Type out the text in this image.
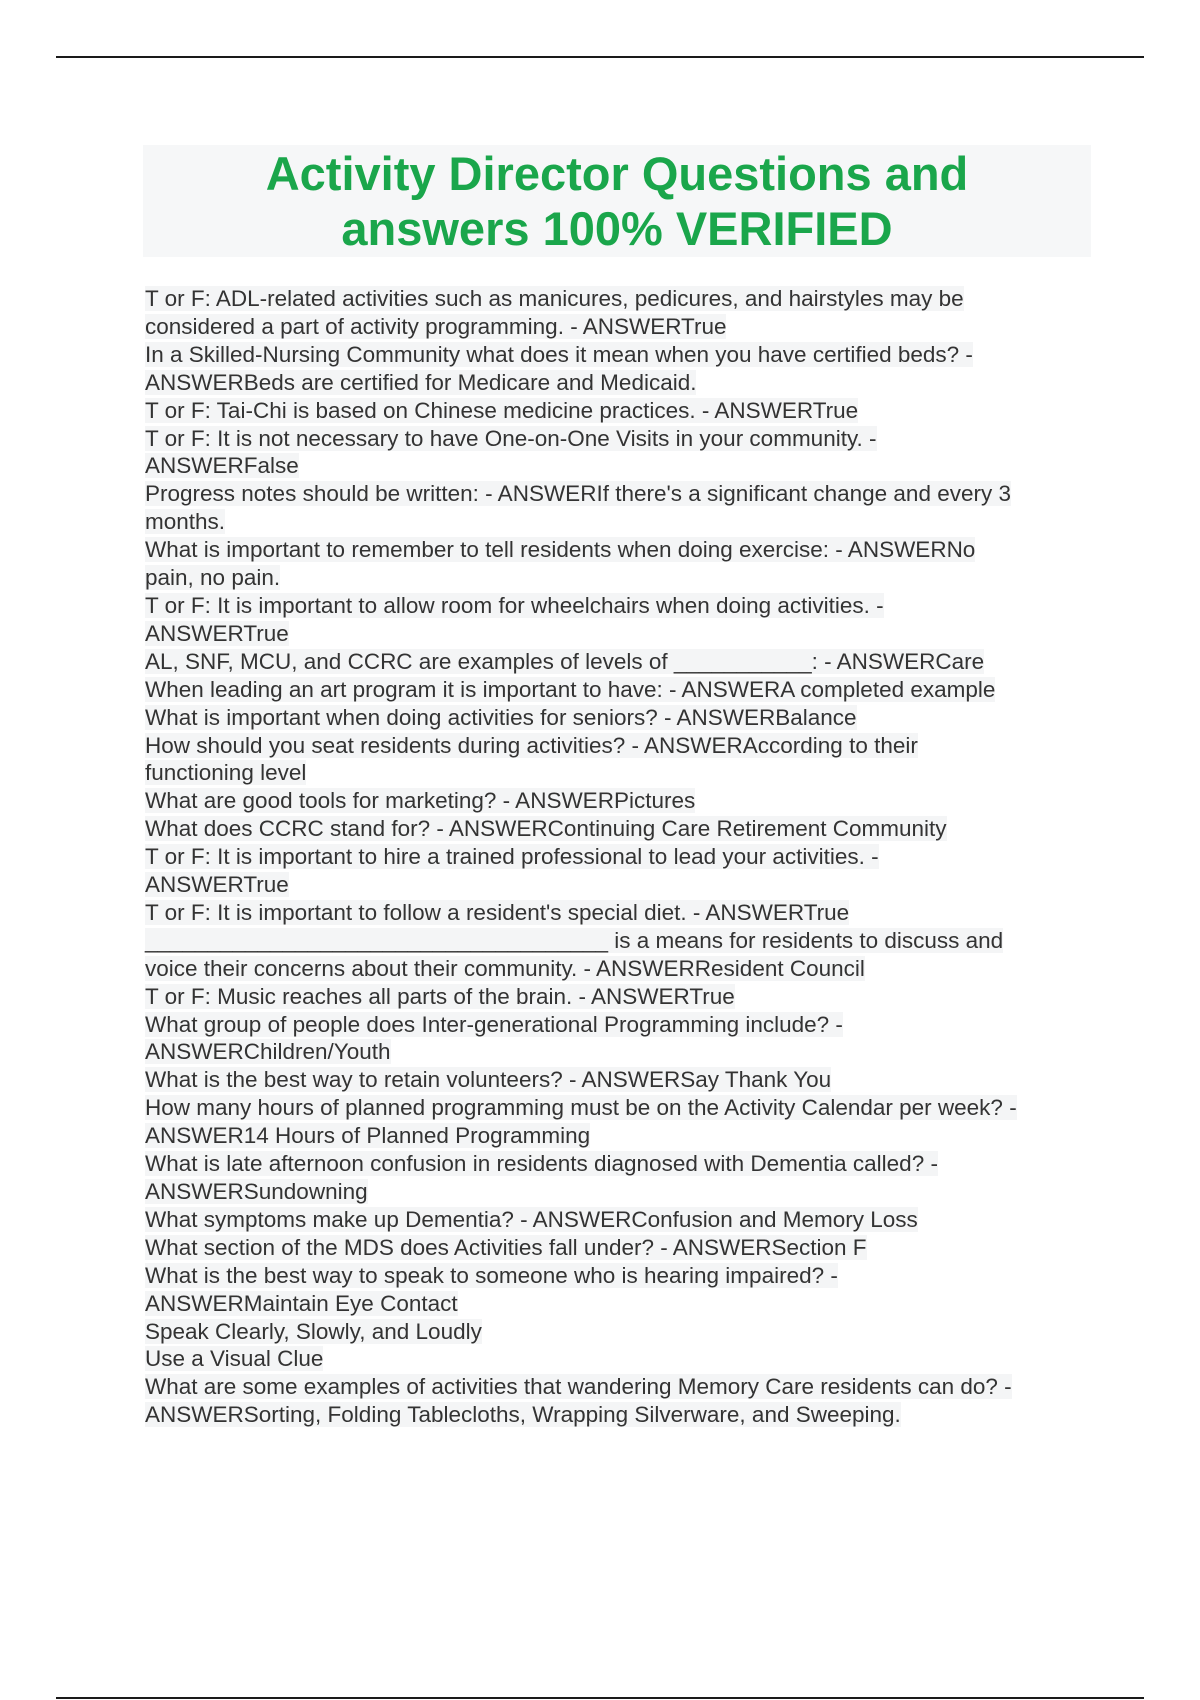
Activity Director Questions and
answers 100% VERIFIED
T or F: ADL-related activities such as manicures, pedicures, and hairstyles may be
considered a part of activity programming. - ANSWERTrue
In a Skilled-Nursing Community what does it mean when you have certified beds? -
ANSWERBeds are certified for Medicare and Medicaid.
T or F: Tai-Chi is based on Chinese medicine practices. - ANSWERTrue
T or F: It is not necessary to have One-on-One Visits in your community. -
ANSWERFalse
Progress notes should be written: - ANSWERIf there's a significant change and every 3
months.
What is important to remember to tell residents when doing exercise: - ANSWERNo
pain, no pain.
T or F: It is important to allow room for wheelchairs when doing activities. -
ANSWERTrue
AL, SNF, MCU, and CCRC are examples of levels of ___________: - ANSWERCare
When leading an art program it is important to have: - ANSWERA completed example
What is important when doing activities for seniors? - ANSWERBalance
How should you seat residents during activities? - ANSWERAccording to their
functioning level
What are good tools for marketing? - ANSWERPictures
What does CCRC stand for? - ANSWERContinuing Care Retirement Community
T or F: It is important to hire a trained professional to lead your activities. -
ANSWERTrue
T or F: It is important to follow a resident's special diet. - ANSWERTrue
_____________________________________ is a means for residents to discuss and
voice their concerns about their community. - ANSWERResident Council
T or F: Music reaches all parts of the brain. - ANSWERTrue
What group of people does Inter-generational Programming include? -
ANSWERChildren/Youth
What is the best way to retain volunteers? - ANSWERSay Thank You
How many hours of planned programming must be on the Activity Calendar per week? -
ANSWER14 Hours of Planned Programming
What is late afternoon confusion in residents diagnosed with Dementia called? -
ANSWERSundowning
What symptoms make up Dementia? - ANSWERConfusion and Memory Loss
What section of the MDS does Activities fall under? - ANSWERSection F
What is the best way to speak to someone who is hearing impaired? -
ANSWERMaintain Eye Contact
Speak Clearly, Slowly, and Loudly
Use a Visual Clue
What are some examples of activities that wandering Memory Care residents can do? -
ANSWERSorting, Folding Tablecloths, Wrapping Silverware, and Sweeping.
